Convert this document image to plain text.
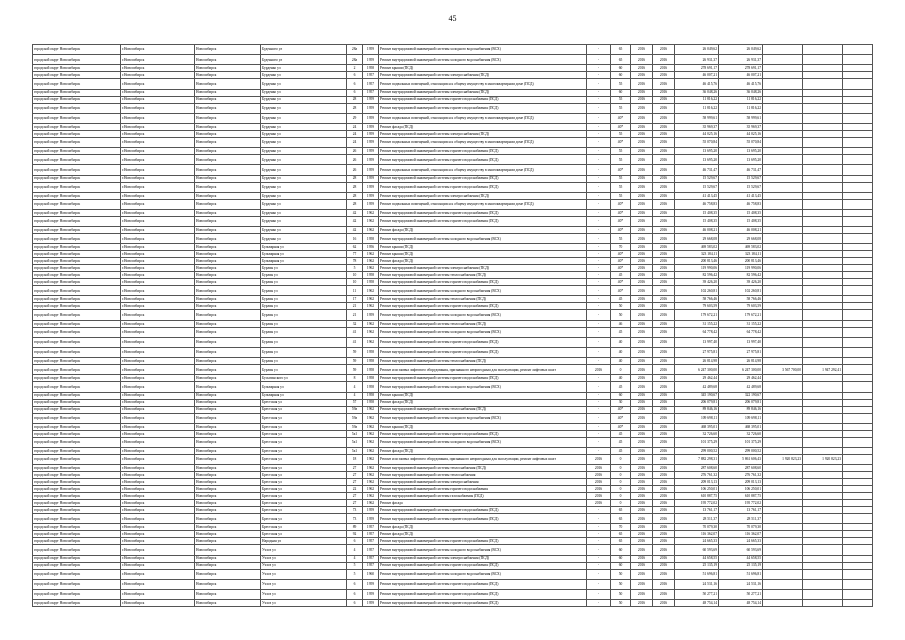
45
городской округ Новосибирск	г.Новосибирск	Новосибирск	Буденного ул	28а	1959	Ремонт внутридомовой инженерной системы холодного водоснабжения (ВСХ)	-	65	2016	2016	26 049,62	26 049,62			
городской округ Новосибирск	г.Новосибирск	Новосибирск	Буденного ул	28а	1959	Ремонт внутридомовой инженерной системы холодного водоснабжения (ВСХ)	-	65	2016	2016	26 931,37	26 931,37			
городской округ Новосибирск	г.Новосибирск	Новосибирск	Бурденко ул	2	1958	Ремонт крыши (ПСД)	-	60	2016	2016	278 691,17	278 691,17			
городской округ Новосибирск	г.Новосибирск	Новосибирск	Бурденко ул	6	1957	Ремонт внутридомовой инженерной системы электроснабжения (ПСД)	-	60	2016	2016	46 007,21	46 007,21			
городской округ Новосибирск	г.Новосибирск	Новосибирск	Бурденко ул	6	1957	Ремонт подвальных помещений, относящихся к общему имуществу в многоквартирном доме (ПСД)	-	55	2016	2016	46 415,76	46 415,76			
городской округ Новосибирск	г.Новосибирск	Новосибирск	Бурденко ул	6	1957	Ремонт внутридомовой инженерной системы электроснабжения (ПСД)	-	60	2016	2016	36 048,26	36 048,26			
городской округ Новосибирск	г.Новосибирск	Новосибирск	Бурденко ул	28	1959	Ремонт внутридомовой инженерной системы горячего водоснабжения (ПСД)	-	55	2016	2016	11 816,22	11 816,22			
городской округ Новосибирск	г.Новосибирск	Новосибирск	Бурденко ул	28	1959	Ремонт внутридомовой инженерной системы горячего водоснабжения (ПСД)	-	55	2016	2016	11 816,22	11 816,22			
городской округ Новосибирск	г.Новосибирск	Новосибирск	Бурденко ул	29	1959	Ремонт подвальных помещений, относящихся к общему имуществу в многоквартирном доме (ПСД)	-	40*	2016	2016	58 999,61	58 999,61			
городской округ Новосибирск	г.Новосибирск	Новосибирск	Бурденко ул	24	1959	Ремонт фасада (ПСД)	-	40*	2016	2016	35 969,37	35 969,37			
городской округ Новосибирск	г.Новосибирск	Новосибирск	Бурденко ул	24	1959	Ремонт внутридомовой инженерной системы электроснабжения (ПСД)	-	55	2016	2016	44 025,16	44 025,16			
городской округ Новосибирск	г.Новосибирск	Новосибирск	Бурденко ул	24	1959	Ремонт подвальных помещений, относящихся к общему имуществу в многоквартирном доме (ПСД)	-	40*	2016	2016	55 070,84	55 070,84			
городской округ Новосибирск	г.Новосибирск	Новосибирск	Бурденко ул	26	1959	Ремонт внутридомовой инженерной системы горячего водоснабжения (ПСД)	-	55	2016	2016	13 695,20	13 695,20			
городской округ Новосибирск	г.Новосибирск	Новосибирск	Бурденко ул	26	1959	Ремонт внутридомовой инженерной системы горячего водоснабжения (ПСД)	-	55	2016	2016	13 695,20	13 695,20			
городской округ Новосибирск	г.Новосибирск	Новосибирск	Бурденко ул	26	1959	Ремонт подвальных помещений, относящихся к общему имуществу в многоквартирном доме (ПСД)	-	40*	2016	2016	46 731,47	46 731,47			
городской округ Новосибирск	г.Новосибирск	Новосибирск	Бурденко ул	28	1959	Ремонт внутридомовой инженерной системы горячего водоснабжения (ПСД)	-	55	2016	2016	15 529,67	15 529,67			
городской округ Новосибирск	г.Новосибирск	Новосибирск	Бурденко ул	28	1959	Ремонт внутридомовой инженерной системы горячего водоснабжения (ПСД)	-	55	2016	2016	15 529,67	15 529,67			
городской округ Новосибирск	г.Новосибирск	Новосибирск	Бурденко ул	28	1959	Ремонт внутридомовой инженерной системы электроснабжения (ПСД)	-	55	2016	2016	41 413,45	41 413,45			
городской округ Новосибирск	г.Новосибирск	Новосибирск	Бурденко ул	28	1959	Ремонт подвальных помещений, относящихся к общему имуществу в многоквартирном доме (ПСД)	-	40*	2016	2016	46 758,83	46 758,83			
городской округ Новосибирск	г.Новосибирск	Новосибирск	Бурденко ул	42	1962	Ремонт внутридомовой инженерной системы горячего водоснабжения (ПСД)	-	40*	2016	2016	15 408,35	15 408,35			
городской округ Новосибирск	г.Новосибирск	Новосибирск	Бурденко ул	42	1962	Ремонт внутридомовой инженерной системы горячего водоснабжения (ПСД)	-	40*	2016	2016	15 408,35	15 408,35			
городской округ Новосибирск	г.Новосибирск	Новосибирск	Бурденко ул	42	1962	Ремонт фасада (ПСД)	-	40*	2016	2016	46 008,21	46 008,21			
городской округ Новосибирск	г.Новосибирск	Новосибирск	Бурденко ул	16	1958	Ремонт внутридомовой инженерной системы холодного водоснабжения (ВСХ)	-	55	2016	2016	29 668,08	29 668,08			
городской округ Новосибирск	г.Новосибирск	Новосибирск	Бульварная ул	62	1956	Ремонт крыши (ПСД)	-	70	2016	2016	469 583,02	469 583,02			
городской округ Новосибирск	г.Новосибирск	Новосибирск	Бульварная ул	77	1962	Ремонт крыши (ПСД)	-	40*	2016	2016	323 184,11	323 184,11			
городской округ Новосибирск	г.Новосибирск	Новосибирск	Бульварная ул	78	1962	Ремонт фасада (ПСД)	-	40*	2016	2016	200 813,46	200 813,46			
городской округ Новосибирск	г.Новосибирск	Новосибирск	Бурлин ул	5	1962	Ремонт внутридомовой инженерной системы электроснабжения (ПСД)	-	40*	2016	2016	119 990,06	119 990,06			
городской округ Новосибирск	г.Новосибирск	Новосибирск	Бурлин ул	10	1958	Ремонт внутридомовой инженерной системы теплоснабжения (ПСД)	-	45	2016	2016	82 596,42	82 596,42			
городской округ Новосибирск	г.Новосибирск	Новосибирск	Бурлин ул	10	1958	Ремонт внутридомовой инженерной системы горячего водоснабжения (ПСД)	-	40*	2016	2016	39 426,20	39 426,20			
городской округ Новосибирск	г.Новосибирск	Новосибирск	Бурлин ул	11	1962	Ремонт внутридомовой инженерной системы холодного водоснабжения (ВСХ)	-	40*	2016	2016	102 260,81	102 260,81			
городской округ Новосибирск	г.Новосибирск	Новосибирск	Бурлин ул	17	1962	Ремонт внутридомовой инженерной системы теплоснабжения (ПСД)	-	45	2016	2016	58 766,46	58 766,46			
городской округ Новосибирск	г.Новосибирск	Новосибирск	Бурлин ул	21	1962	Ремонт внутридомовой инженерной системы горячего водоснабжения (ПСД)	-	50	2016	2016	79 603,59	79 603,59			
городской округ Новосибирск	г.Новосибирск	Новосибирск	Бурлин ул	21	1959	Ремонт внутридомовой инженерной системы холодного водоснабжения (ВСХ)	-	50	2016	2016	179 672,21	179 672,21			
городской округ Новосибирск	г.Новосибирск	Новосибирск	Бурлин ул	32	1962	Ремонт внутридомовой инженерной системы теплоснабжения (ПСД)	-	46	2016	2016	31 155,22	31 155,22			
городской округ Новосибирск	г.Новосибирск	Новосибирск	Бурлин ул	41	1962	Ремонт внутридомовой инженерной системы холодного водоснабжения (ВСХ)	-	45	2016	2016	64 778,42	64 778,42			
городской округ Новосибирск	г.Новосибирск	Новосибирск	Бурлин ул	41	1962	Ремонт внутридомовой инженерной системы горячего водоснабжения (ПСД)	-	40	2016	2016	13 997,40	13 997,40			
городской округ Новосибирск	г.Новосибирск	Новосибирск	Бурлин ул	59	1958	Ремонт внутридомовой инженерной системы горячего водоснабжения (ПСД)	-	40	2016	2016	27 975,81	27 975,81			
городской округ Новосибирск	г.Новосибирск	Новосибирск	Бурлин ул	59	1958	Ремонт внутридомовой инженерной системы теплоснабжения (ПСД)	-	40	2016	2016	26 814,98	26 814,98			
городской округ Новосибирск	г.Новосибирск	Новосибирск	Бурлин ул	59	1958	Ремонт или замена лифтового оборудования, признанного непригодным для эксплуатации, ремонт лифтовых шахт	2016	0	2016	2016	6 247 300,00	6 247 300,00	3 567 700,00	1 947 292,41	
городской округ Новосибирск	г.Новосибирск	Новосибирск	Бусыгинского ул	8	1958	Ремонт внутридомовой инженерной системы горячего водоснабжения (ПСД)	-	40	2016	2016	29 462,44	29 462,44			
городской округ Новосибирск	г.Новосибирск	Новосибирск	Бульварная ул	4	1958	Ремонт внутридомовой инженерной системы холодного водоснабжения (ВСХ)	-	45	2016	2016	42 489,68	42 489,68			
городской округ Новосибирск	г.Новосибирск	Новосибирск	Бульварная ул	4	1958	Ремонт крыши (ПСД)	-	60	2016	2016	345 190,67	322 190,67			
городской округ Новосибирск	г.Новосибирск	Новосибирск	Брестская ул	57	1958	Ремонт фасада (ПСД)	-	30	2016	2016	206 079,81	206 079,81			
городской округ Новосибирск	г.Новосибирск	Новосибирск	Брестская ул	59а	1962	Ремонт внутридомовой инженерной системы теплоснабжения (ПСД)	-	40*	2016	2016	89 846,16	89 846,16			
городской округ Новосибирск	г.Новосибирск	Новосибирск	Брестская ул	59а	1962	Ремонт внутридомовой инженерной системы холодного водоснабжения (ВСХ)	-	40*	2016	2016	109 698,11	109 698,11			
городской округ Новосибирск	г.Новосибирск	Новосибирск	Брестская ул	59а	1962	Ремонт крыши (ПСД)	-	40*	2016	2016	468 395,01	468 395,01			
городской округ Новосибирск	г.Новосибирск	Новосибирск	Брестская ул	5а1	1962	Ремонт внутридомовой инженерной системы горячего водоснабжения (ПСД)	-	45	2016	2016	32 726,60	32 726,60			
городской округ Новосибирск	г.Новосибирск	Новосибирск	Брестская ул	5а1	1962	Ремонт внутридомовой инженерной системы холодного водоснабжения (ВСХ)	-	45	2016	2016	101 375,29	101 375,29			
городской округ Новосибирск	г.Новосибирск	Новосибирск	Брестская ул	5а1	1962	Ремонт фасада (ПСД)	-	45	2016	2016	299 000,52	299 000,52			
городской округ Новосибирск	г.Новосибирск	Новосибирск	Брестская ул	18	1962	Ремонт или замена лифтового оборудования, признанного непригодным для эксплуатации, ремонт лифтовых шахт	2016	0	2016	2016	7 882 298,31	5 861 606,43	1 920 823,23	1 920 823,23	
городской округ Новосибирск	г.Новосибирск	Новосибирск	Брестская ул	27	1962	Ремонт внутридомовой инженерной системы теплоснабжения (ПСД)	2016	0	2016	2016	287 608,60	287 608,60			
городской округ Новосибирск	г.Новосибирск	Новосибирск	Брестская ул	27	1962	Ремонт внутридомовой инженерной системы теплоснабжения	2016	0	2016	2016	276 761,32	276 761,32			
городской округ Новосибирск	г.Новосибирск	Новосибирск	Брестская ул	27	1962	Ремонт внутридомовой инженерной системы электроснабжения	2016	0	2016	2016	209 013,13	209 013,13			
городской округ Новосибирск	г.Новосибирск	Новосибирск	Брестская ул	22	1962	Ремонт внутридомовой инженерной системы горячего водоснабжения	2016	0	2016	2016	106 250,01	106 250,01			
городской округ Новосибирск	г.Новосибирск	Новосибирск	Брестская ул	27	1962	Ремонт внутридомовой инженерной системы газоснабжения (ПСД)	2016	0	2016	2016	610 887,75	610 887,75			
городской округ Новосибирск	г.Новосибирск	Новосибирск	Брестская ул	27	1962	Ремонт фасада	2016	0	2016	2016	195 772,02	195 772,02			
городской округ Новосибирск	г.Новосибирск	Новосибирск	Брестская ул	73	1959	Ремонт внутридомовой инженерной системы горячего водоснабжения (ПСД)	-	65	2016	2016	13 761,17	13 761,17			
городской округ Новосибирск	г.Новосибирск	Новосибирск	Брестская ул	73	1959	Ремонт внутридомовой инженерной системы горячего водоснабжения (ПСД)	-	65	2016	2016	28 511,37	28 511,37			
городской округ Новосибирск	г.Новосибирск	Новосибирск	Брестская ул	89	1957	Ремонт фасада (ПСД)	-	70	2016	2016	70 079,30	70 079,30			
городской округ Новосибирск	г.Новосибирск	Новосибирск	Брестская ул	92	1957	Ремонт фасада (ПСД)	-	65	2016	2016	116 362,07	116 362,07			
городской округ Новосибирск	г.Новосибирск	Новосибирск	Народная ул	6	1957	Ремонт внутридомовой инженерной системы горячего водоснабжения (ПСД)	-	65	2016	2016	24 665,33	24 665,33			
городской округ Новосибирск	г.Новосибирск	Новосибирск	Учхоз ул	4	1957	Ремонт внутридомовой инженерной системы холодного водоснабжения (ВСХ)	-	60	2016	2016	60 593,69	60 593,69			
городской округ Новосибирск	г.Новосибирск	Новосибирск	Учхоз ул	4	1957	Ремонт внутридомовой инженерной системы электроснабжения (ПСД)	-	60	2016	2016	44 658,55	44 658,55			
городской округ Новосибирск	г.Новосибирск	Новосибирск	Учхоз ул	5	1957	Ремонт внутридомовой инженерной системы горячего водоснабжения (ПСД)	-	60	2016	2016	25 135,19	25 135,19			
городской округ Новосибирск	г.Новосибирск	Новосибирск	Учхоз ул	5	1960	Ремонт внутридомовой инженерной системы холодного водоснабжения (ВСХ)	-	50	2016	2016	51 696,81	51 696,81			
городской округ Новосибирск	г.Новосибирск	Новосибирск	Учхоз ул	6	1959	Ремонт внутридомовой инженерной системы горячего водоснабжения (ПСД)	-	50	2016	2016	24 531,16	24 531,16			
городской округ Новосибирск	г.Новосибирск	Новосибирск	Учхоз ул	6	1959	Ремонт внутридомовой инженерной системы горячего водоснабжения (ПСД)	-	50	2016	2016	50 277,21	50 277,21			
городской округ Новосибирск	г.Новосибирск	Новосибирск	Учхоз ул	6	1959	Ремонт внутридомовой инженерной системы горячего водоснабжения (ПСД)	-	50	2016	2016	48 754,14	48 754,14			
